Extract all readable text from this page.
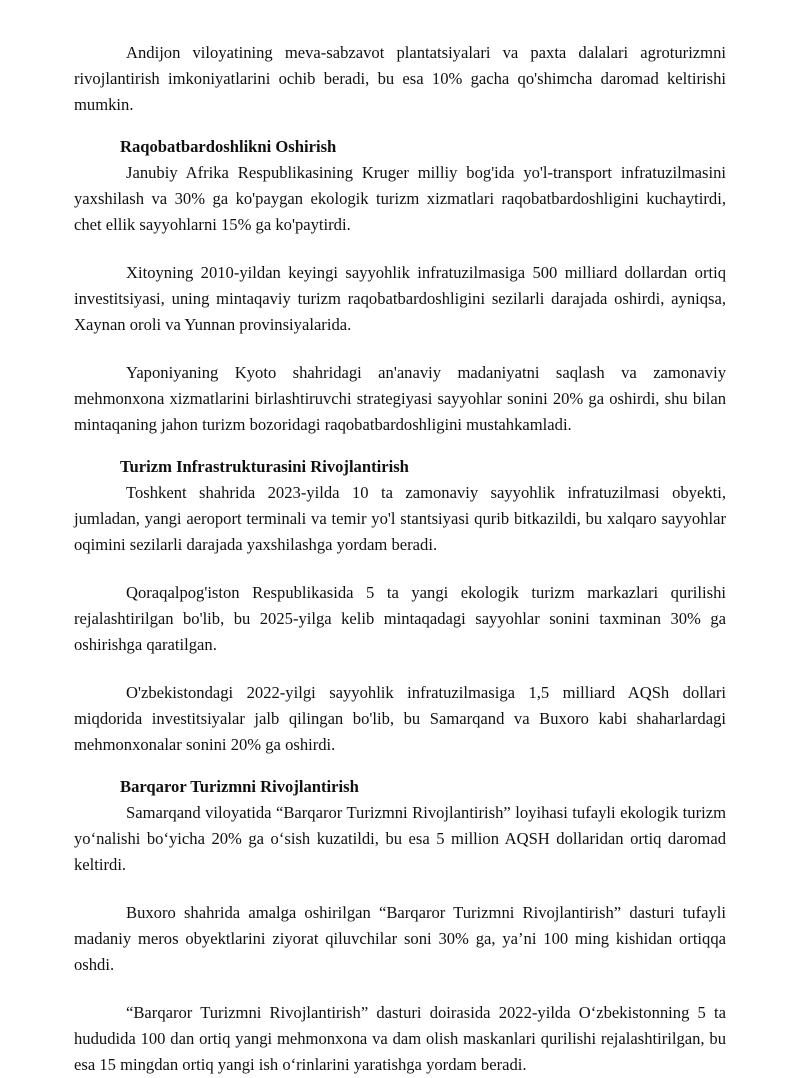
Andijon viloyatining meva-sabzavot plantatsiyalari va paxta dalalari agroturizmni rivojlantirish imkoniyatlarini ochib beradi, bu esa 10% gacha qo'shimcha daromad keltirishi mumkin.

Raqobatbardoshlikni Oshirish

Janubiy Afrika Respublikasining Kruger milliy bog'ida yo'l-transport infratuzilmasini yaxshilash va 30% ga ko'paygan ekologik turizm xizmatlari raqobatbardoshligini kuchaytirdi, chet ellik sayyohlarni 15% ga ko'paytirdi.

Xitoyning 2010-yildan keyingi sayyohlik infratuzilmasiga 500 milliard dollardan ortiq investitsiyasi, uning mintaqaviy turizm raqobatbardoshligini sezilarli darajada oshirdi, ayniqsa, Xaynan oroli va Yunnan provinsiyalarida.

Yaponiyaning Kyoto shahridagi an'anaviy madaniyatni saqlash va zamonaviy mehmonxona xizmatlarini birlashtiruvchi strategiyasi sayyohlar sonini 20% ga oshirdi, shu bilan mintaqaning jahon turizm bozoridagi raqobatbardoshligini mustahkamladi.

Turizm Infrastrukturasini Rivojlantirish

Toshkent shahrida 2023-yilda 10 ta zamonaviy sayyohlik infratuzilmasi obyekti, jumladan, yangi aeroport terminali va temir yo'l stantsiyasi qurib bitkazildi, bu xalqaro sayyohlar oqimini sezilarli darajada yaxshilashga yordam beradi.

Qoraqalpog'iston Respublikasida 5 ta yangi ekologik turizm markazlari qurilishi rejalashtirilgan bo'lib, bu 2025-yilga kelib mintaqadagi sayyohlar sonini taxminan 30% ga oshirishga qaratilgan.

O'zbekistondagi 2022-yilgi sayyohlik infratuzilmasiga 1,5 milliard AQSh dollari miqdorida investitsiyalar jalb qilingan bo'lib, bu Samarqand va Buxoro kabi shaharlardagi mehmonxonalar sonini 20% ga oshirdi.

Barqaror Turizmni Rivojlantirish

Samarqand viloyatida “Barqaror Turizmni Rivojlantirish” loyihasi tufayli ekologik turizm yo‘nalishi bo‘yicha 20% ga o‘sish kuzatildi, bu esa 5 million AQSH dollaridan ortiq daromad keltirdi.

Buxoro shahrida amalga oshirilgan “Barqaror Turizmni Rivojlantirish” dasturi tufayli madaniy meros obyektlarini ziyorat qiluvchilar soni 30% ga, ya’ni 100 ming kishidan ortiqqa oshdi.

“Barqaror Turizmni Rivojlantirish” dasturi doirasida 2022-yilda O‘zbekistonning 5 ta hududida 100 dan ortiq yangi mehmonxona va dam olish maskanlari qurilishi rejalashtirilgan, bu esa 15 mingdan ortiq yangi ish o‘rinlarini yaratishga yordam beradi.
